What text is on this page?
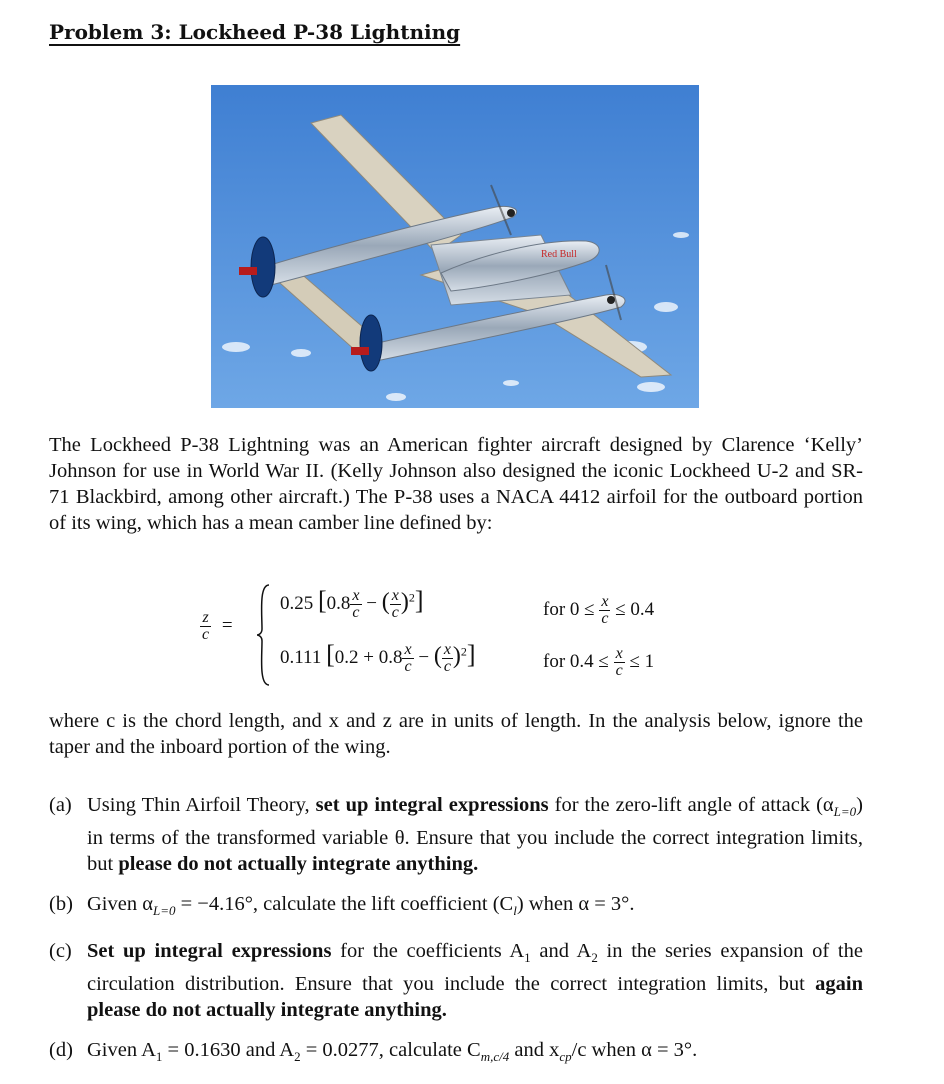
Problem 3: Lockheed P-38 Lightning
Red Bull
The Lockheed P-38 Lightning was an American fighter aircraft designed by Clarence ‘Kelly’ Johnson for use in World War II. (Kelly Johnson also designed the iconic Lockheed U-2 and SR-71 Blackbird, among other aircraft.) The P-38 uses a NACA 4412 airfoil for the outboard portion of its wing, which has a mean camber line defined by:
$\frac{z}{c}$ =
0.25 [$0.8 \frac{x}{c}$ − ( $\frac{x}{c} )^2$]	for $0 \le \frac{x}{c} \le 0.4$
0.111 [$0.2 + 0.8 \frac{x}{c}$ − ( $\frac{x}{c} )^2$]	for $0.4 \le \frac{x}{c} \le 1$
where c is the chord length, and x and z are in units of length. In the analysis below, ignore the taper and the inboard portion of the wing.
(a) Using Thin Airfoil Theory, set up integral expressions for the zero-lift angle of attack $(\alpha_{L=0})$ in terms of the transformed variable θ. Ensure that you include the correct integration limits, but please do not actually integrate anything.
(b) Given $\alpha_{L=0} = -4.16^\circ$, calculate the lift coefficient $(C_l)$ when α = 3°.
(c) Set up integral expressions for the coefficients $A_1$ and $A_2$ in the series expansion of the circulation distribution. Ensure that you include the correct integration limits, but again please do not actually integrate anything.
(d) Given $A_1 = 0.1630$ and $A_2 = 0.0277$, calculate $C_{m,c/4}$ and $x_{cp}/c$ when α = 3°.
